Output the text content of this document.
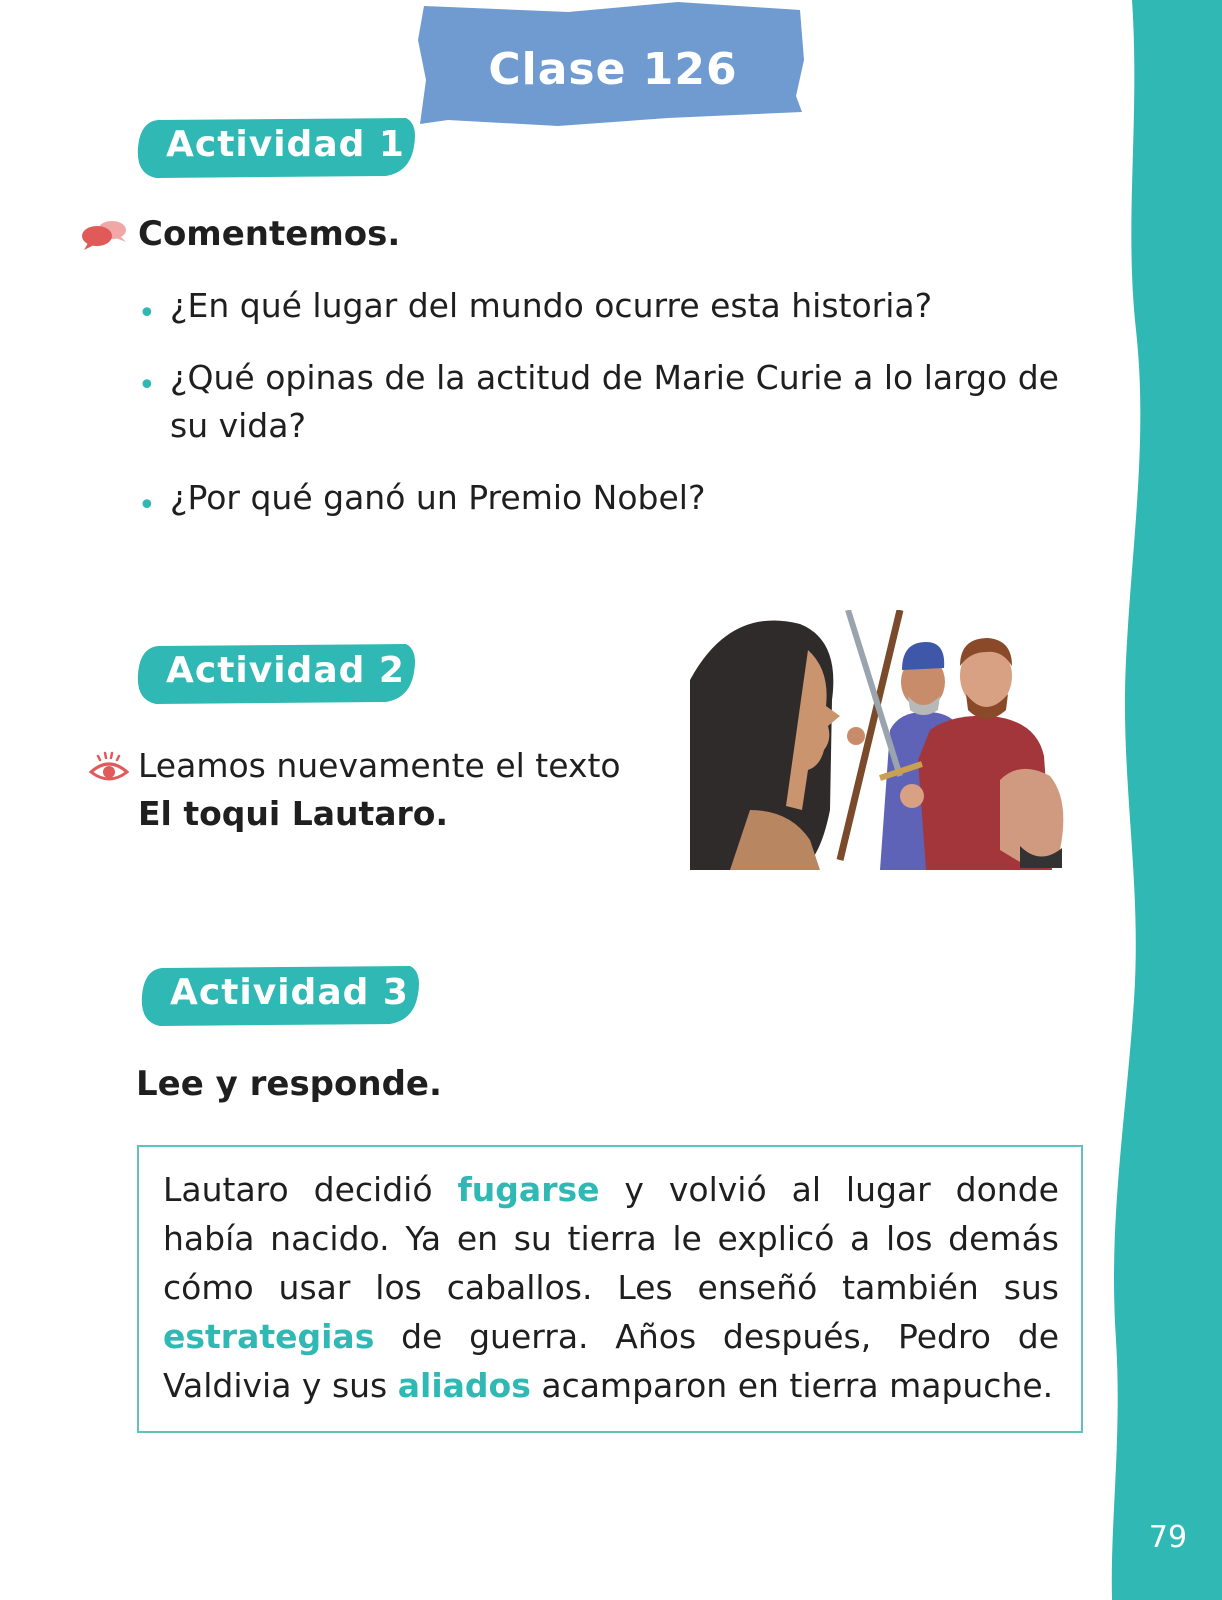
79
Clase 126
Actividad 1
Comentemos.
• ¿En qué lugar del mundo ocurre esta historia?
• ¿Qué opinas de la actitud de Marie Curie a lo largo de su vida?
• ¿Por qué ganó un Premio Nobel?
Actividad 2
Leamos nuevamente el texto
El toqui Lautaro.
Actividad 3
Lee y responde.

Lautaro decidió fugarse y volvió al lugar donde había nacido. Ya en su tierra le explicó a los demás cómo usar los caballos. Les enseñó también sus estrategias de guerra. Años después, Pedro de Valdivia y sus aliados acamparon en tierra mapuche.
